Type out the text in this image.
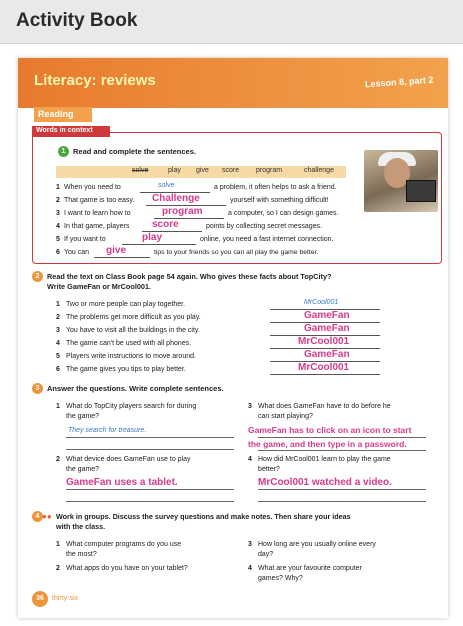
Activity Book
Literacy: reviews	Lesson 8, part 2
Reading
Words in context
1	Read and complete the sentences.
solve	play give score program	challenge
1 When you need to	solve	a problem, it often helps to ask a friend.
2 That game is too easy. Challenge	yourself with something difficult!
3 I want to learn how to	program	a computer, so I can design games.
4 In that game, players score	points by collecting secret messages.
5 If you want to	play	online, you need a fast internet connection.
6 You can give	tips to your friends so you can all play the game better.
2	Read the text on Class Book page 54 again. Who gives these facts about TopCity?
Write GameFan or MrCool001.
1 Two or more people can play together.	MrCool001
2 The problems get more difficult as you play.	GameFan
3 You have to visit all the buildings in the city.	GameFan
4 The game can't be used with all phones.	MrCool001
5 Players write instructions to move around.	GameFan
6 The game gives you tips to play better.	MrCool001
3	Answer the questions. Write complete sentences.
1 What do TopCity players search for during
the game?
They search for treasure.
3 What does GameFan have to do before he
can start playing?
GameFan has to click on an icon to start
the game, and then type in a password.
2 What device does GameFan use to play
the game?
GameFan uses a tablet.
4 How did MrCool001 learn to play the game
better?
MrCool001 watched a video.
4 ●● Work in groups. Discuss the survey questions and make notes. Then share your ideas
with the class.
1 What computer programs do you use
the most?
2 What apps do you have on your tablet?
3 How long are you usually online every
day?
4 What are your favourite computer
games? Why?
36	thirty-six
